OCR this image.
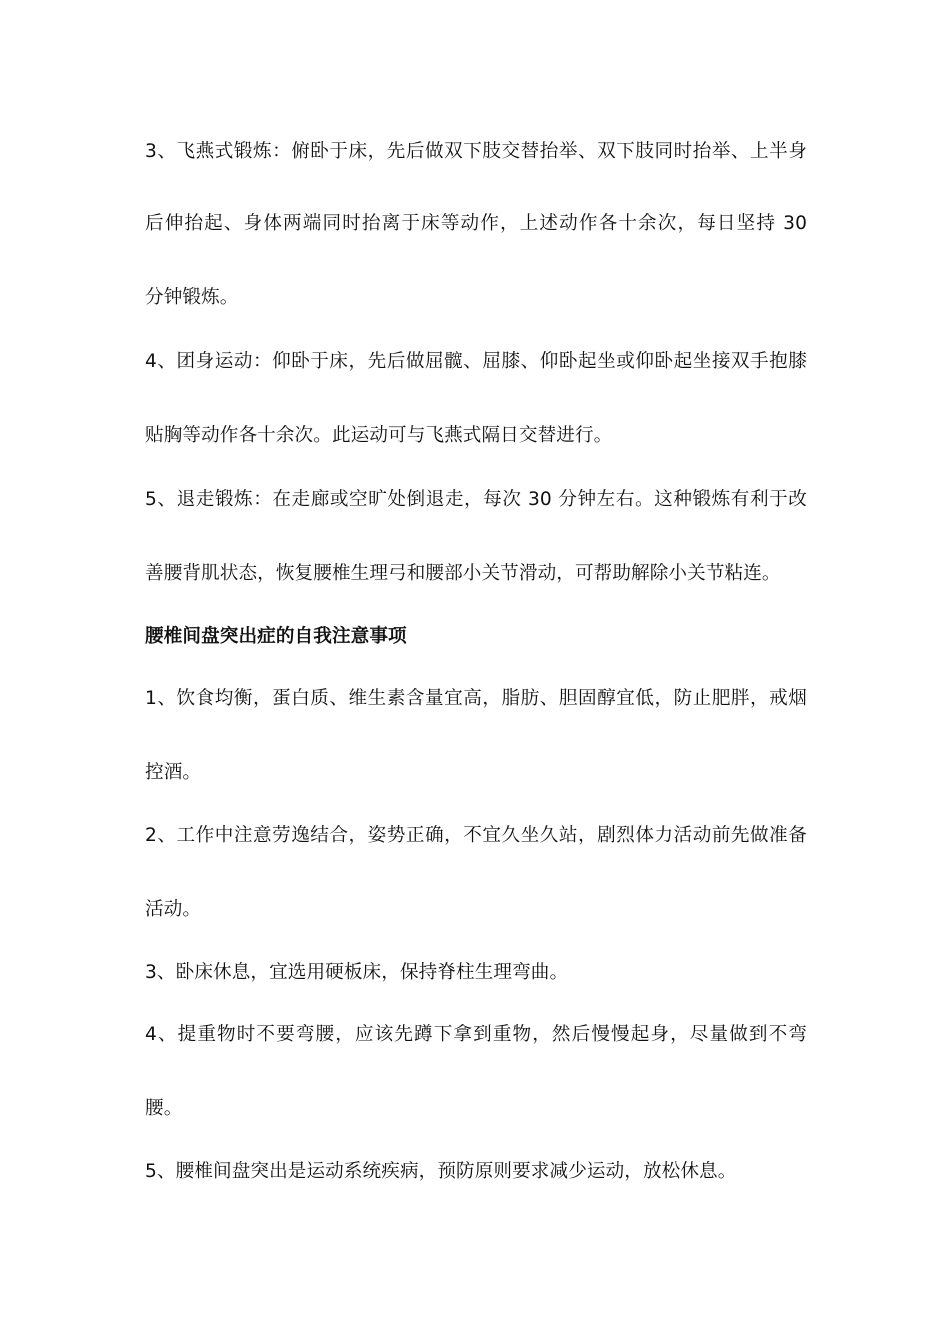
3、飞燕式锻炼：俯卧于床，先后做双下肢交替抬举、双下肢同时抬举、上半身
后伸抬起、身体两端同时抬离于床等动作，上述动作各十余次，每日坚持 30
分钟锻炼。
4、团身运动：仰卧于床，先后做屈髋、屈膝、仰卧起坐或仰卧起坐接双手抱膝
贴胸等动作各十余次。此运动可与飞燕式隔日交替进行。
5、退走锻炼：在走廊或空旷处倒退走，每次 30 分钟左右。这种锻炼有利于改
善腰背肌状态，恢复腰椎生理弓和腰部小关节滑动，可帮助解除小关节粘连。
腰椎间盘突出症的自我注意事项
1、饮食均衡，蛋白质、维生素含量宜高，脂肪、胆固醇宜低，防止肥胖，戒烟
控酒。
2、工作中注意劳逸结合，姿势正确，不宜久坐久站，剧烈体力活动前先做准备
活动。
3、卧床休息，宜选用硬板床，保持脊柱生理弯曲。
4、提重物时不要弯腰，应该先蹲下拿到重物，然后慢慢起身，尽量做到不弯
腰。
5、腰椎间盘突出是运动系统疾病，预防原则要求减少运动，放松休息。
